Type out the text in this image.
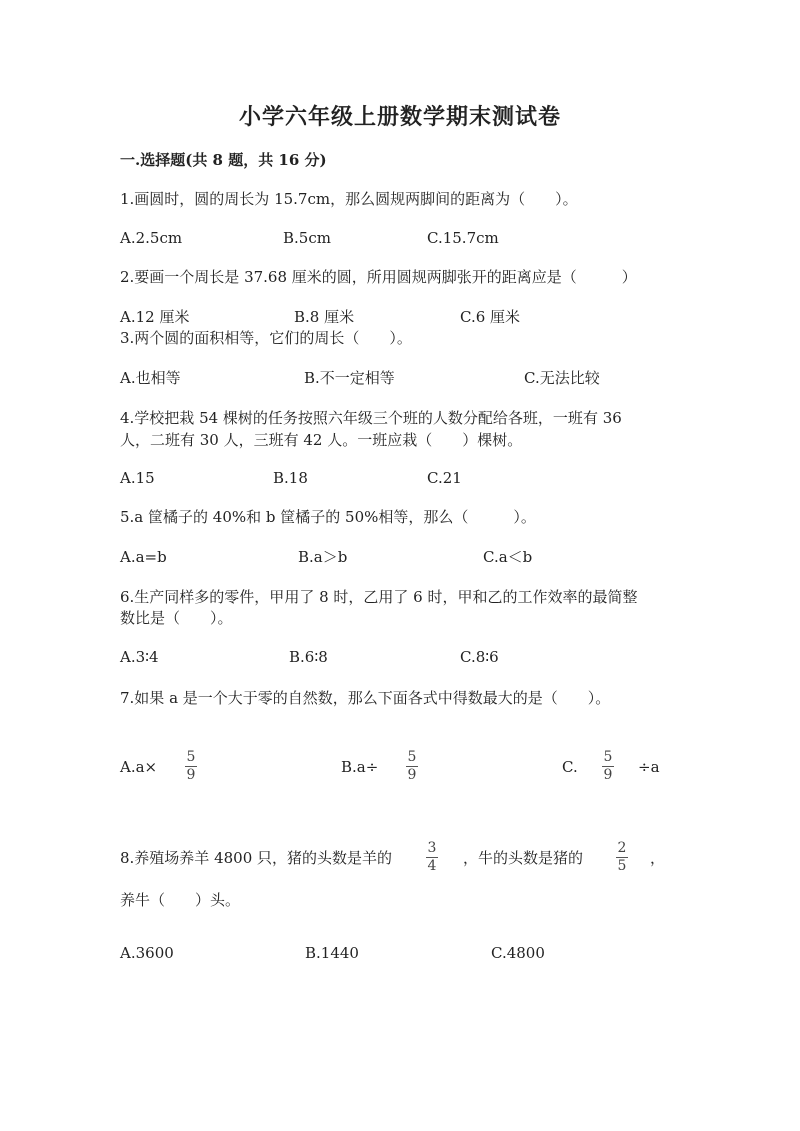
小学六年级上册数学期末测试卷
一.选择题(共 8 题，共 16 分)
1.画圆时，圆的周长为 15.7cm，那么圆规两脚间的距离为（　　）。
A.2.5cm	B.5cm	C.15.7cm
2.要画一个周长是 37.68 厘米的圆，所用圆规两脚张开的距离应是（　　　）
A.12 厘米	B.8 厘米	C.6 厘米
3.两个圆的面积相等，它们的周长（　　）。
A.也相等	B.不一定相等	C.无法比较
4.学校把栽 54 棵树的任务按照六年级三个班的人数分配给各班，一班有 36
人，二班有 30 人，三班有 42 人。一班应栽（　　）棵树。
A.15	B.18	C.21
5.a 筐橘子的 40%和 b 筐橘子的 50%相等，那么（　　　）。
A.a=b	B.a＞b	C.a＜b
6.生产同样多的零件，甲用了 8 时，乙用了 6 时，甲和乙的工作效率的最简整
数比是（　　）。
A.3∶4	B.6∶8	C.8∶6
7.如果 a 是一个大于零的自然数，那么下面各式中得数最大的是（　　）。
A.a×
5
9	B.a÷
5
9	C.
5
9 ÷a
8.养殖场养羊 4800 只，猪的头数是羊的
3
4 ，牛的头数是猪的
2
5 ，
养牛（　　）头。
A.3600	B.1440	C.4800
